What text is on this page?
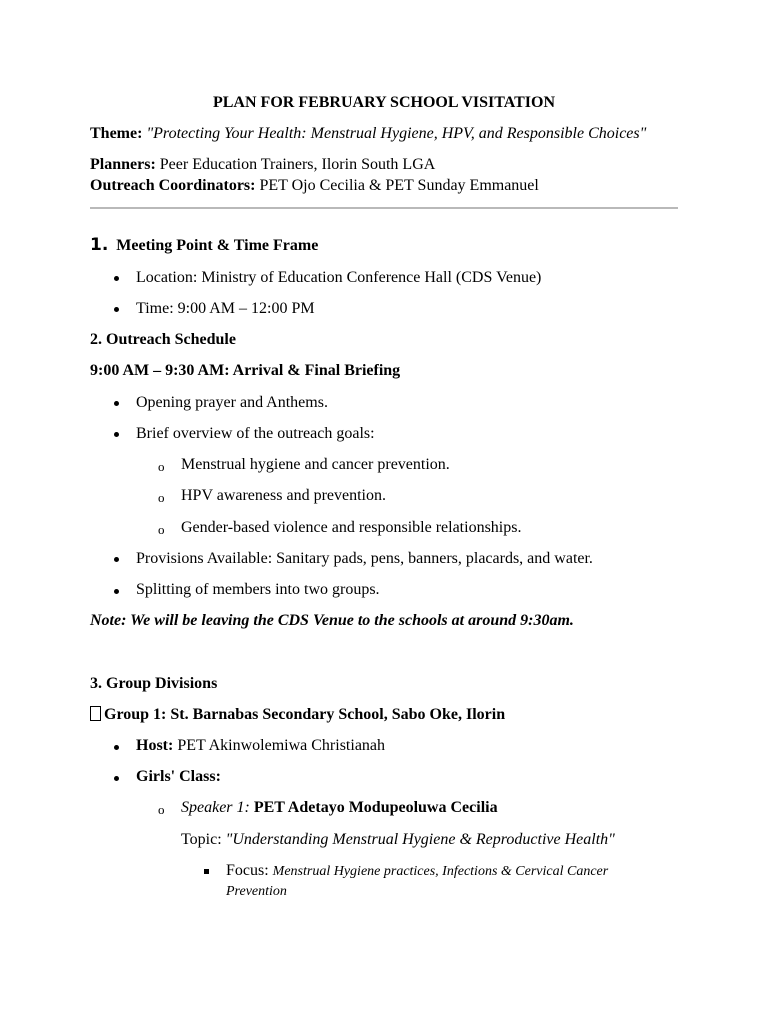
PLAN FOR FEBRUARY SCHOOL VISITATION
Theme: "Protecting Your Health: Menstrual Hygiene, HPV, and Responsible Choices"
Planners: Peer Education Trainers, Ilorin South LGA
Outreach Coordinators: PET Ojo Cecilia & PET Sunday Emmanuel
1. Meeting Point & Time Frame
Location: Ministry of Education Conference Hall (CDS Venue)
Time: 9:00 AM – 12:00 PM
2. Outreach Schedule
9:00 AM – 9:30 AM: Arrival & Final Briefing
Opening prayer and Anthems.
Brief overview of the outreach goals:
o Menstrual hygiene and cancer prevention.
o HPV awareness and prevention.
o Gender-based violence and responsible relationships.
Provisions Available: Sanitary pads, pens, banners, placards, and water.
Splitting of members into two groups.
Note: We will be leaving the CDS Venue to the schools at around 9:30am.
3. Group Divisions
Group 1: St. Barnabas Secondary School, Sabo Oke, Ilorin
Host: PET Akinwolemiwa Christianah
Girls' Class:
o Speaker 1: PET Adetayo Modupeoluwa Cecilia
Topic: "Understanding Menstrual Hygiene & Reproductive Health"
Focus: Menstrual Hygiene practices, Infections & Cervical Cancer
Prevention
